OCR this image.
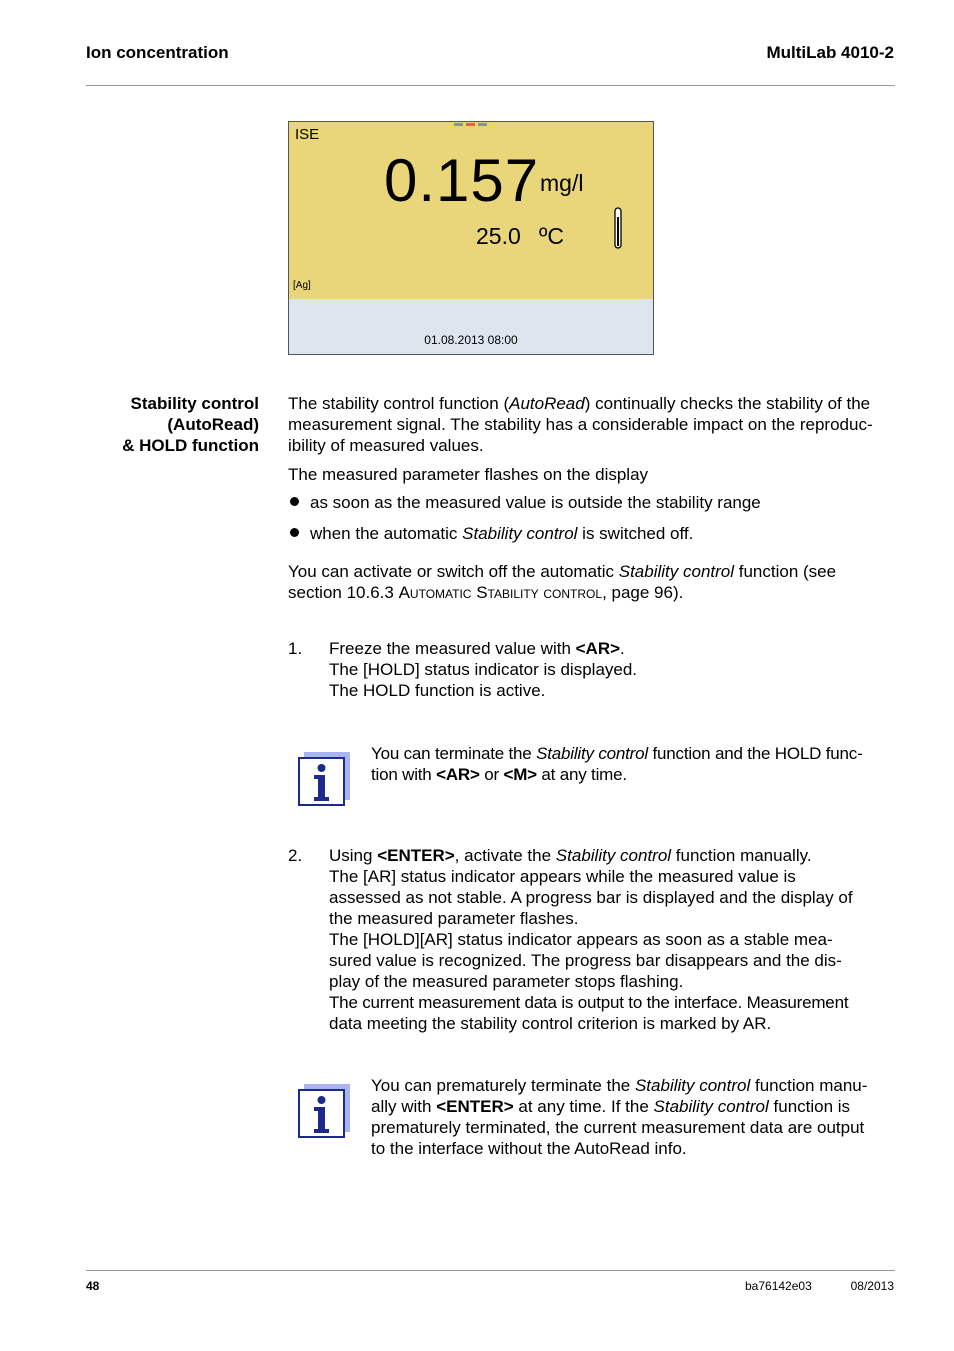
Ion concentration	MultiLab 4010-2
ISE
0.157 mg/l
25.0 ºC
[Ag]
01.08.2013 08:00
Stability control
(AutoRead)
& HOLD function
The stability control function (AutoRead) continually checks the stability of the
measurement signal. The stability has a considerable impact on the reproduc-
ibility of measured values.
The measured parameter flashes on the display
as soon as the measured value is outside the stability range
when the automatic Stability control is switched off.
You can activate or switch off the automatic Stability control function (see
section 10.6.3 Automatic Stability control, page 96).
1. Freeze the measured value with <AR>.
The [HOLD] status indicator is displayed.
The HOLD function is active.
You can terminate the Stability control function and the HOLD func-
tion with <AR> or <M> at any time.
2. Using <ENTER>, activate the Stability control function manually.
The [AR] status indicator appears while the measured value is
assessed as not stable. A progress bar is displayed and the display of
the measured parameter flashes.
The [HOLD][AR] status indicator appears as soon as a stable mea-
sured value is recognized. The progress bar disappears and the dis-
play of the measured parameter stops flashing.
The current measurement data is output to the interface. Measurement
data meeting the stability control criterion is marked by AR.
You can prematurely terminate the Stability control function manu-
ally with <ENTER> at any time. If the Stability control function is
prematurely terminated, the current measurement data are output
to the interface without the AutoRead info.
48	ba76142e03	08/2013
